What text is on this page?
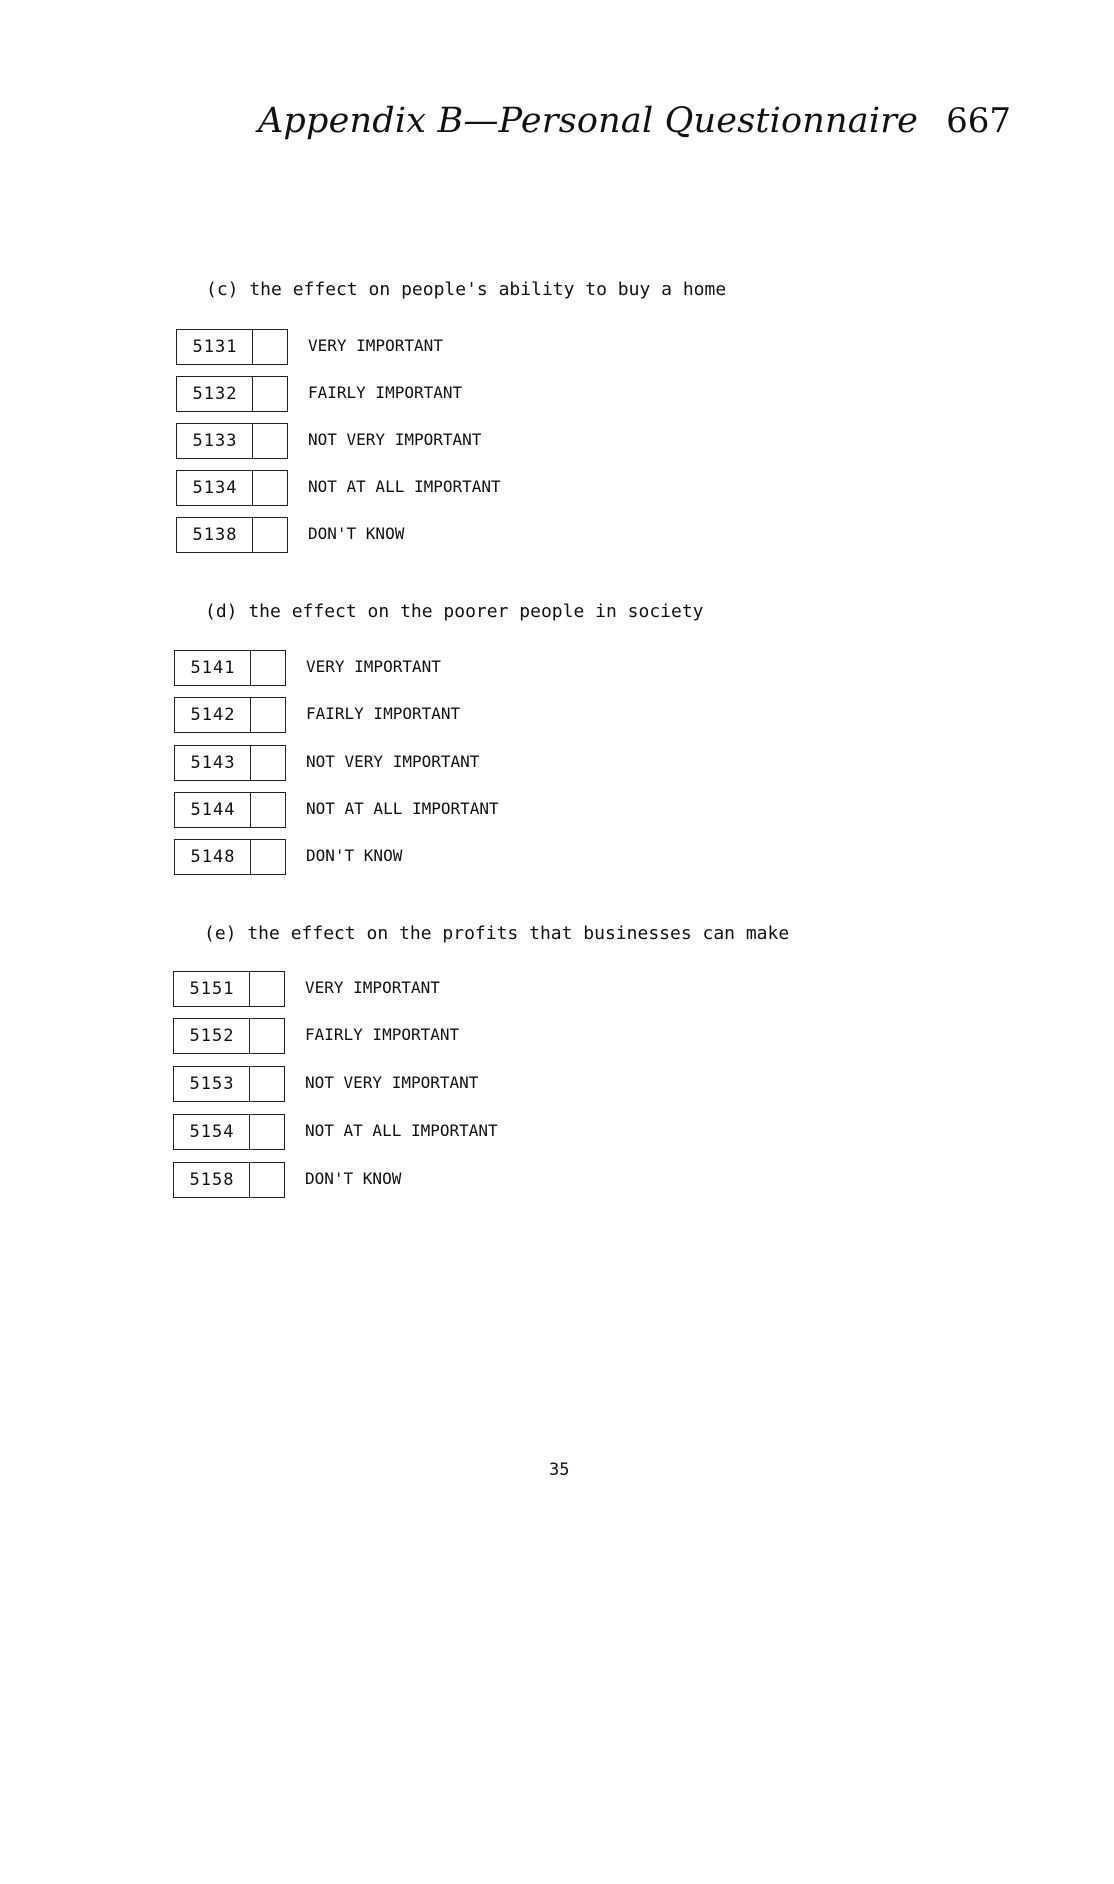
Appendix B—Personal Questionnaire 667
(c) the effect on people's ability to buy a home
5131	VERY IMPORTANT
5132	FAIRLY IMPORTANT
5133	NOT VERY IMPORTANT
5134	NOT AT ALL IMPORTANT
5138	DON'T KNOW
(d) the effect on the poorer people in society
5141	VERY IMPORTANT
5142	FAIRLY IMPORTANT
5143	NOT VERY IMPORTANT
5144	NOT AT ALL IMPORTANT
5148	DON'T KNOW
(e) the effect on the profits that businesses can make
5151	VERY IMPORTANT
5152	FAIRLY IMPORTANT
5153	NOT VERY IMPORTANT
5154	NOT AT ALL IMPORTANT
5158	DON'T KNOW
35
